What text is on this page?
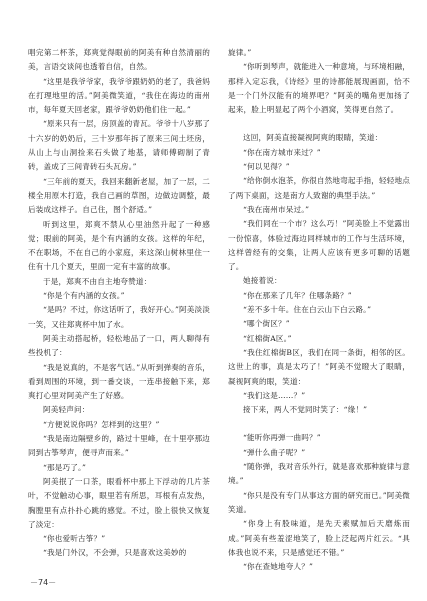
唱完第二杯茶，郑爽觉得眼前的阿美有种自然清丽的美，言语交谈间也透着自信，自然。

“这里是我爷爷家，我爷爷跟奶奶的老了，我爸妈在打理地里的活。”阿美微笑道，“我住在海边的南州市，每年夏天回老家，跟爷爷奶奶他们住一起。”

“原来只有一层，房顶盖的青瓦。爷爷十八岁那了十六岁的奶奶后，三十岁那年拆了原来三间土坯房，从山上与山洞捡来石头做了地基，请师傅砌制了青砖，盖成了三间青砖石头瓦房。”

“三年前的夏天，我回来翻新老屋，加了一层，二楼全用原木打造，我自己画的草图，边做边调整，最后装成这样子。自己住，图个舒适。”

听到这里，郑爽不禁从心里油然升起了一种感觉；眼前的阿美，是个有内涵的女孩。这样的年纪，不在职场，不在自己的小家庭，来这深山树林里住一住有十几个夏天，里面一定有丰富的故事。

于是，郑爽不由自主地夸赞道：

“你是个有内涵的女孩。”

“是吗？不过，你这话听了，我好开心。”阿美淡淡一笑，又往郑爽杯中加了水。

阿美主动搭起桥，轻松地品了一口，两人聊得有些投机了：

“我是说真的，不是客气话。”从听到弹奏的音乐，看到周围的环境，到一番交谈，一连串接触下来，郑爽打心里对阿美产生了好感。

阿美轻声问：

“方便说说你吗？怎样到的这里？”

“我是南边隔壁乡的，路过十里峰，在十里亭那边同到古筝琴声，便寻声而来。”

“那是巧了。”

阿美抿了一口茶，眼看杯中那上下浮动的几片茶叶，不觉触动心事，眼里若有所思，耳根有点发热，胸膛里有点扑扑心跳的感觉。不过，脸上很快又恢复了淡定：

“你也爱听古筝？”

“我是门外汉，不会弹，只是喜欢这美妙的

旋律。”

“你听到琴声，就能进入一种意境，与环境相融，那样入定忘我，《诗经》里的诗都能展现画面，恰不是一个门外汉能有的境界吧？”阿美的嘴角更加扬了起来，脸上明显起了两个小酒窝，笑得更自然了。

这回，阿美直接凝视阿爽的眼睛，笑道：

“你在南方城市来过？”

“何以见得？”

“给你倒水泡茶，你很自然地弯起手指，轻轻地点了两下桌面，这是南方人致谢的典型手法。”

“我在南州市呆过。”

“我们同在一个市？这么巧！”阿美脸上不觉露出一份惊喜，体验过海边同样城市的工作与生活环境，这样曾经有的交集，让两人应该有更多可聊的话题了。

她接着说：

“你在那来了几年？住哪条路？”

“差不多十年。住在白云山下白云路。”

“哪个街区？”

“红棉街A区。”

“我住红棉街B区，我们在同一条街，相邻的区。这世上的事，真是太巧了！”阿美不觉瞪大了眼睛，凝视阿爽的眼，笑道：

“我们这是……？”

接下来，两人不觉同时笑了：“缘！”

“能听你再弹一曲吗？”

“弹什么曲子呢？”

“随你弹，我对音乐外行，就是喜欢那种旋律与意境。”

“你只是没有专门从事这方面的研究而已。”阿美微笑道。

“你身上有股味道，是先天素赋加后天磨炼而成。”阿美有些羞涩地笑了，脸上泛起两片红云。“具体我也说不来，只是感觉还不错。”

“你在查她地夸人？”

－74－
